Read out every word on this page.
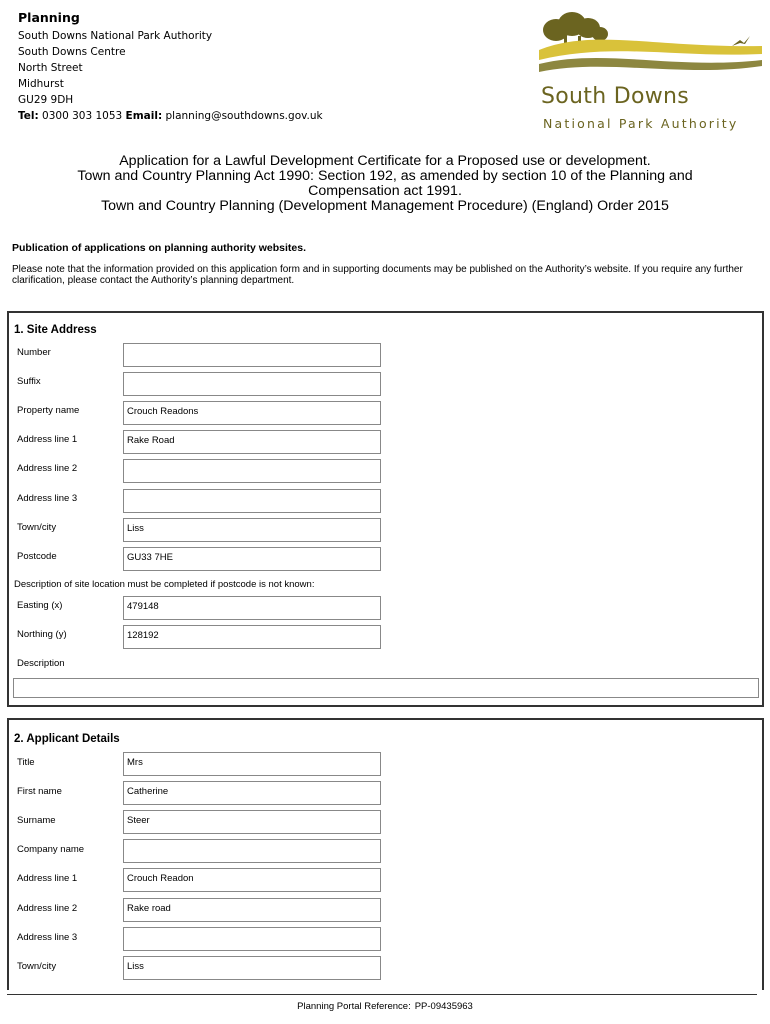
Planning
South Downs National Park Authority
South Downs Centre
North Street
Midhurst
GU29 9DH
Tel: 0300 303 1053 Email: planning@southdowns.gov.uk
South Downs
National Park Authority
Application for a Lawful Development Certificate for a Proposed use or development.
Town and Country Planning Act 1990: Section 192, as amended by section 10 of the Planning and
Compensation act 1991.
Town and Country Planning (Development Management Procedure) (England) Order 2015
Publication of applications on planning authority websites.
Please note that the information provided on this application form and in supporting documents may be published on the Authority’s website. If you require any further clarification, please contact the Authority’s planning department.
1. Site Address
Number
Suffix
Property name	Crouch Readons
Address line 1	Rake Road
Address line 2
Address line 3
Town/city	Liss
Postcode	GU33 7HE
Description of site location must be completed if postcode is not known:
Easting (x)	479148
Northing (y)	128192
Description
2. Applicant Details
Title	Mrs
First name	Catherine
Surname	Steer
Company name
Address line 1	Crouch Readon
Address line 2	Rake road
Address line 3
Town/city	Liss
Planning Portal Reference: PP-09435963
